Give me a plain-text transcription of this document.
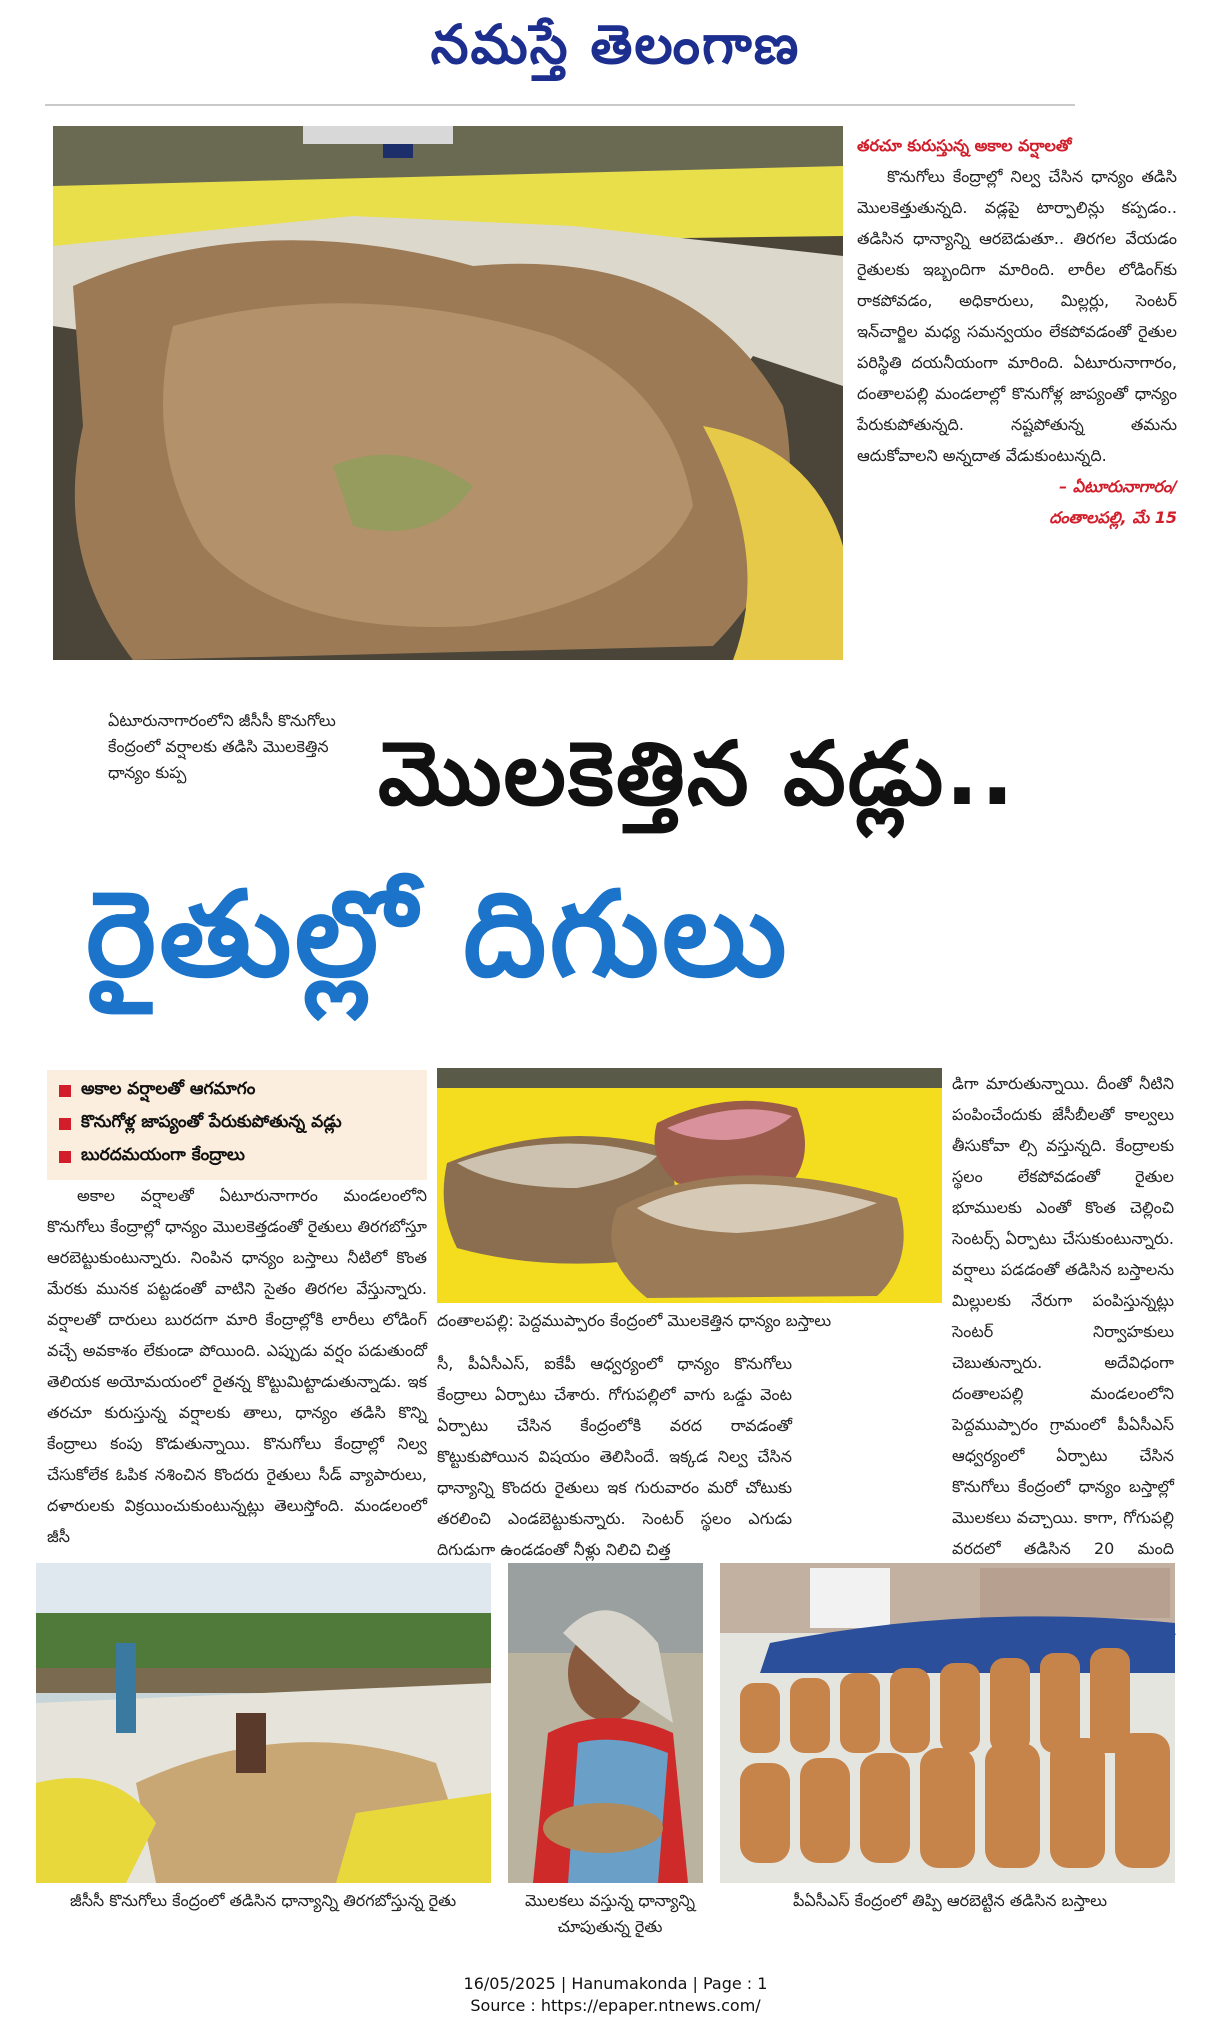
నమస్తే తెలంగాణ
తరచూ కురుస్తున్న అకాల వర్షాలతో
కొనుగోలు కేంద్రాల్లో నిల్వ చేసిన ధాన్యం తడిసి మొలకెత్తుతున్నది. వడ్లపై టార్పాలిన్లు కప్పడం.. తడిసిన ధాన్యాన్ని ఆరబెడుతూ.. తిరగల వేయడం రైతులకు ఇబ్బందిగా మారింది. లారీల లోడింగ్‌కు రాకపోవడం, అధికారులు, మిల్లర్లు, సెంటర్ ఇన్‌చార్జిల మధ్య సమన్వయం లేకపోవడంతో రైతుల పరిస్థితి దయనీయంగా మారింది. ఏటూరునాగారం, దంతాలపల్లి మండలాల్లో కొనుగోళ్ల జాప్యంతో ధాన్యం పేరుకుపోతున్నది. నష్టపోతున్న తమను ఆదుకోవాలని అన్నదాత వేడుకుంటున్నది.
– ఏటూరునాగారం/
దంతాలపల్లి, మే 15
ఏటూరునాగారంలోని జీసీసీ కొనుగోలు కేంద్రంలో వర్షాలకు తడిసి మొలకెత్తిన ధాన్యం కుప్ప	మొలకెత్తిన వడ్లు..
రైతుల్లో దిగులు
అకాల వర్షాలతో ఆగమాగం
కొనుగోళ్ల జాప్యంతో పేరుకుపోతున్న వడ్లు
బురదమయంగా కేంద్రాలు
దంతాలపల్లి: పెద్దముప్పారం కేంద్రంలో మొలకెత్తిన ధాన్యం బస్తాలు
అకాల వర్షాలతో ఏటూరునాగారం మండలంలోని కొనుగోలు కేంద్రాల్లో ధాన్యం మొలకెత్తడంతో రైతులు తిరగబోస్తూ ఆరబెట్టుకుంటున్నారు. నింపిన ధాన్యం బస్తాలు నీటిలో కొంత మేరకు మునక పట్టడంతో వాటిని సైతం తిరగల వేస్తున్నారు. వర్షాలతో దారులు బురదగా మారి కేంద్రాల్లోకి లారీలు లోడింగ్ వచ్చే అవకాశం లేకుండా పోయింది. ఎప్పుడు వర్షం పడుతుందో తెలియక అయోమయంలో రైతన్న కొట్టుమిట్టాడుతున్నాడు. ఇక తరచూ కురుస్తున్న వర్షాలకు తాలు, ధాన్యం తడిసి కొన్ని కేంద్రాలు కంపు కొడుతున్నాయి. కొనుగోలు కేంద్రాల్లో నిల్వ చేసుకోలేక ఓపిక నశించిన కొందరు రైతులు సీడ్ వ్యాపారులు, దళారులకు విక్రయించుకుంటున్నట్లు తెలుస్తోంది. మండలంలో జీసీ
సీ, పీఏసీఎస్, ఐకేపీ ఆధ్వర్యంలో ధాన్యం కొనుగోలు కేంద్రాలు ఏర్పాటు చేశారు. గోగుపల్లిలో వాగు ఒడ్డు వెంట ఏర్పాటు చేసిన కేంద్రంలోకి వరద రావడంతో కొట్టుకుపోయిన విషయం తెలిసిందే. ఇక్కడ నిల్వ చేసిన ధాన్యాన్ని కొందరు రైతులు ఇక గురువారం మరో చోటుకు తరలించి ఎండబెట్టుకున్నారు. సెంటర్ స్థలం ఎగుడు దిగుడుగా ఉండడంతో నీళ్లు నిలిచి చిత్త
డిగా మారుతున్నాయి. దీంతో నీటిని పంపించేందుకు జేసీబీలతో కాల్వలు తీసుకోవా ల్సి వస్తున్నది. కేంద్రాలకు స్థలం లేకపోవడంతో రైతుల భూములకు ఎంతో కొంత చెల్లించి సెంటర్స్ ఏర్పాటు చేసుకుంటున్నారు. వర్షాలు పడడంతో తడిసిన బస్తాలను మిల్లులకు నేరుగా పంపిస్తున్నట్లు సెంటర్ నిర్వాహకులు చెబుతున్నారు. అదేవిధంగా దంతాలపల్లి మండలంలోని పెద్దముప్పారం గ్రామంలో పీఏసీఎస్ ఆధ్వర్యంలో ఏర్పాటు చేసిన కొనుగోలు కేంద్రంలో ధాన్యం బస్తాల్లో మొలకలు వచ్చాయి. కాగా, గోగుపల్లి వరదలో తడిసిన 20 మంది
జీసీసీ కొనుగోలు కేంద్రంలో తడిసిన ధాన్యాన్ని తిరగబోస్తున్న రైతు	మొలకలు వస్తున్న ధాన్యాన్ని చూపుతున్న రైతు
పీఏసీఎస్ కేంద్రంలో తిప్పి ఆరబెట్టిన తడిసిన బస్తాలు
16/05/2025 | Hanumakonda | Page : 1
Source : https://epaper.ntnews.com/
